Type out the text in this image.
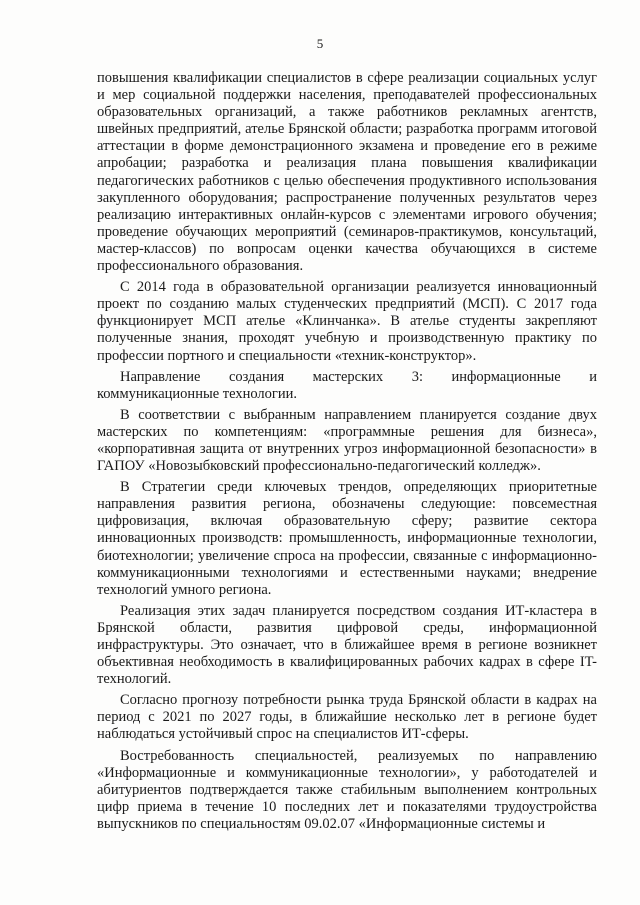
5

повышения квалификации специалистов в сфере реализации социальных услуг и мер социальной поддержки населения, преподавателей профессиональных образовательных организаций, а также работников рекламных агентств, швейных предприятий, ателье Брянской области; разработка программ итоговой аттестации в форме демонстрационного экзамена и проведение его в режиме апробации; разработка и реализация плана повышения квалификации педагогических работников с целью обеспечения продуктивного использования закупленного оборудования; распространение полученных результатов через реализацию интерактивных онлайн-курсов с элементами игрового обучения; проведение обучающих мероприятий (семинаров-практикумов, консультаций, мастер-классов) по вопросам оценки качества обучающихся в системе профессионального образования.

С 2014 года в образовательной организации реализуется инновационный проект по созданию малых студенческих предприятий (МСП). С 2017 года функционирует МСП ателье «Клинчанка». В ателье студенты закрепляют полученные знания, проходят учебную и производственную практику по профессии портного и специальности «техник-конструктор».

Направление создания мастерских 3: информационные и коммуникационные технологии.

В соответствии с выбранным направлением планируется создание двух мастерских по компетенциям: «программные решения для бизнеса», «корпоративная защита от внутренних угроз информационной безопасности» в ГАПОУ «Новозыбковский профессионально-педагогический колледж».

В Стратегии среди ключевых трендов, определяющих приоритетные направления развития региона, обозначены следующие: повсеместная цифровизация, включая образовательную сферу; развитие сектора инновационных производств: промышленность, информационные технологии, биотехнологии; увеличение спроса на профессии, связанные с информационно-коммуникационными технологиями и естественными науками; внедрение технологий умного региона.

Реализация этих задач планируется посредством создания ИТ-кластера в Брянской области, развития цифровой среды, информационной инфраструктуры. Это означает, что в ближайшее время в регионе возникнет объективная необходимость в квалифицированных рабочих кадрах в сфере IT-технологий.

Согласно прогнозу потребности рынка труда Брянской области в кадрах на период с 2021 по 2027 годы, в ближайшие несколько лет в регионе будет наблюдаться устойчивый спрос на специалистов ИТ-сферы.

Востребованность специальностей, реализуемых по направлению «Информационные и коммуникационные технологии», у работодателей и абитуриентов подтверждается также стабильным выполнением контрольных цифр приема в течение 10 последних лет и показателями трудоустройства выпускников по специальностям 09.02.07 «Информационные системы и
